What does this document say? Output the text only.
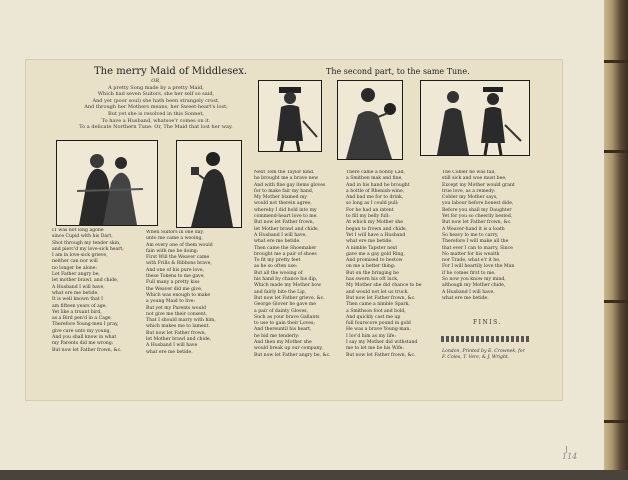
The merry Maid of Middlesex.	The second part, to the same Tune.
OR,
A pretty Song made by a pretty Maid,
Which had seven Suitors, she her self so said,
And yet (poor soul) she hath been strangely crost,
And through her Mothers means, her Sweet-heart's lost;
But yet she is resolved in this Sonnet,
To have a Husband, whatsoe'r comes on it.
To a delicate Northern Tune: Or, The Maid that lost her way.
IT was not long agone
since Cupid with his Dart,
Shot through my tender skin,
and pierc'd my love-sick heart;
I am in love-sick grieve,
neither can nor will
no longer be alone:
Let Father angry be,
let mother brawl, and chide,
A Husband I will have,
what ere me betide.
It is well known that I
am fifteen years of age,
Yet like a truant bird,
as a Bird pen'd in a Cage.
Therefore Young-men I pray,
give care unto my young,
And you shall know in what
my Parents did me wrong:
But now let Father frown, &c.
When Suitors in one day,
unto me came a wooing,
Am every one of them would
fain with me be doing:
First Will the Weaver came
with Frills & Ribbons brave,
And one of his pure love,
these Tokens to me gave,
Full many a pretty kiss
the Weaver did me give,
Which was enough to make
a young Maid to live:
But yet my Parents would
not give me their consent,
That I should marry with him,
which makes me to lament.
But now let Father frown,
let Mother brawl and chide,
A Husband I will have
what ere me betide.
Next Tom the Taylor kind,
he brought me a brave new
And with fine gay items gloves
for to make fair my hand,
My Mother blamed my
would not therein agree,
whereby I did hold into my
commend-heart love to me.
But now let Father frown,
let Mother brawl and chide,
A Husband I will have,
what ere me betide.
Then came the Shoemaker
brought me a pair of shoes
To fit my pretty feet
as he so often use:
But all the wooing of
his hand by chance his dip,
Which made my Mother bow
and fairly bite the Lip,
But now let Father grieve, &c.
George Glover he gave me
a pair of dainty Gloves,
Such as your brave Gallants
to use to gain their Loves;
And thereuntil his heart,
he bid me tenderly:
And then my Mother she
would break up our company,
But now let Father angry be, &c.
There came a bonny Lad,
a Smithen mak and fine,
And in his hand he brought
a bottle of Rhenish-wine,
And bad me for to drink,
so long as I could pull:
For he had an intent
to fill my belly full:
At which my Mother she
began to frown and chide,
Yet I will have a Husband
what ere me betide.
A nimble Tapster next
gave me a gay gold Ring,
And promised to bestow
on me a better thing:
But on the bringing he
has sworn his oft luck,
My Mother she did chance to be
and would not let us truck.
But now let Father frown, &c.
Then came a nimble Spark,
a Smithson foot and bold,
And quickly cast me up
full fourscore pound in gold
He was a brave Young-man,
I lov'd him as my life:
I say my Mother did withstand
me to let me be his Wife.
But now let Father frown, &c.
The Cobler he was fail,
still sick and woe must bee,
Except my Mother would grant
true love, as a remedy:
Cobler my Mother says,
you labour before honest dide,
Before you shall my Daughter
Yet for you so cheerily bested,
But now let Father frown, &c.
A Weaver-hand it is a loath
So heavy to me to carry,
Therefore I will make all the
that ever I can to marry, Since
No matter for his wealth
nor Trade, what e'r it be,
For I will heartily love the Man
if he comes first to me.
So now you know my mind,
although my Mother chide,
A Husband I will have,
what ere me betide.
FINIS.
London, Printed by E. Crownek, for
F. Coles, T. Vere, & J. Wright.
114
